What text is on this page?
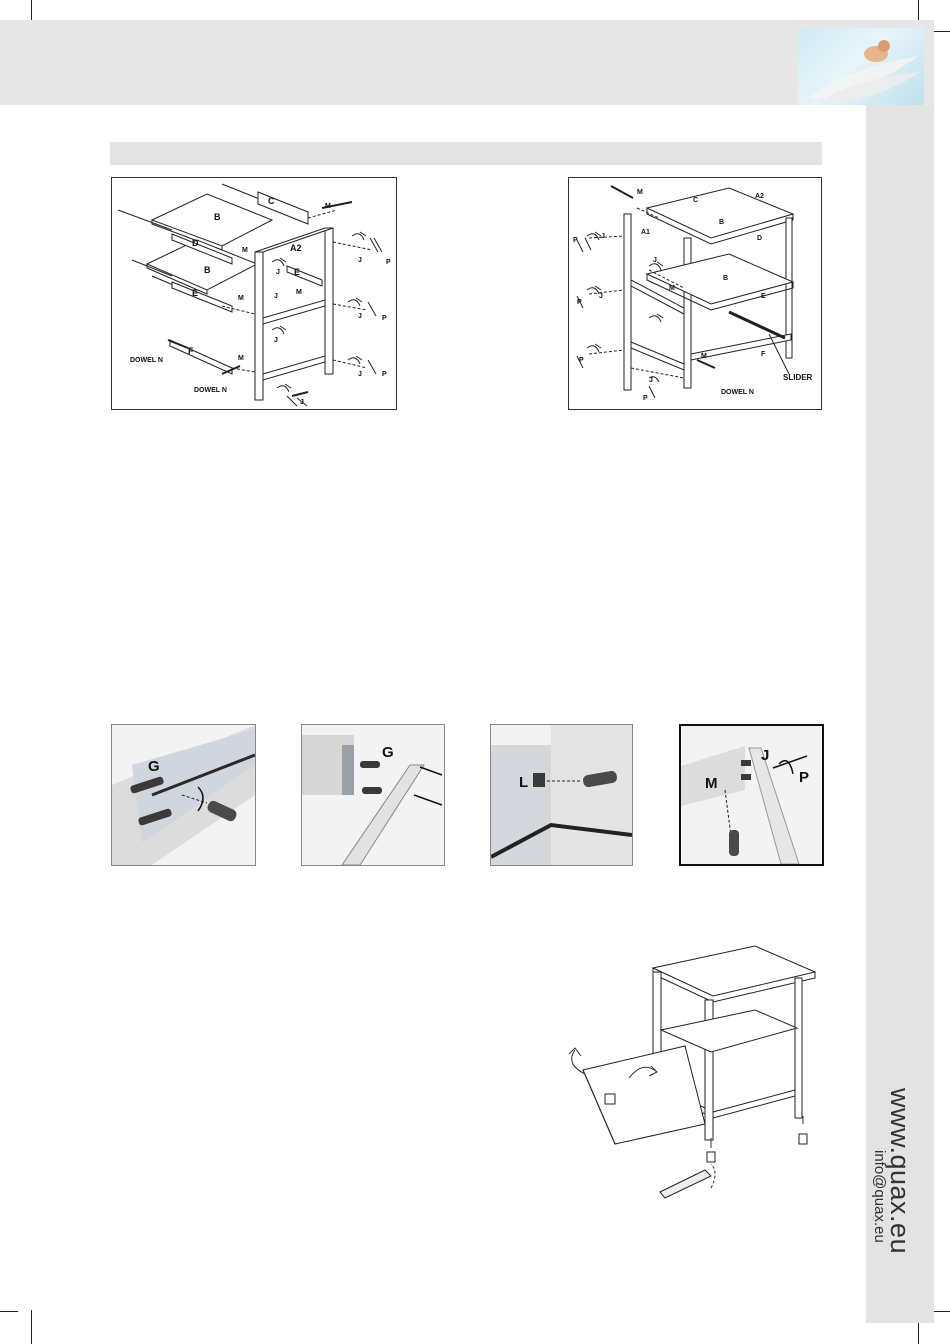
www.quax.eu
info@quax.eu
C
B
D
B
A2
E
E
F
DOWEL N
DOWEL N
M
M
M
M
M
J
J
J
J
J
J
J
P
P
P
M
C
A2
A1
B
D
B
E
F
M
M
SLIDER
DOWEL N
J
J
J
J
P
P
P
P
G
G
L
J
M	P
